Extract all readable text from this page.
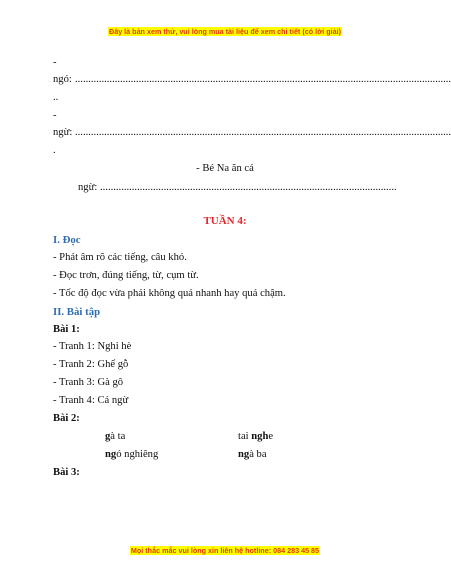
Đây là bản xem thử, vui lòng mua tài liệu để xem chi tiết (có lời giải)
-
ngó: ..............................................................................................................................................
..
-
ngừ: ..............................................................................................................................................
.
- Bé Na ăn cá
ngừ: ................................................................................................................
TUẦN 4:
I. Đọc
- Phát âm rõ các tiếng, câu khó.
- Đọc trơn, đúng tiếng, từ, cụm từ.
- Tốc độ đọc vừa phải không quá nhanh hay quá chậm.
II. Bài tập
Bài 1:
- Tranh 1: Nghỉ hè
- Tranh 2: Ghế gỗ
- Tranh 3: Gà gô
- Tranh 4: Cá ngừ
Bài 2:
gà ta	tai nghe
ngó nghiêng	ngà ba
Bài 3:
Mọi thắc mắc vui lòng xin liên hệ hotline: 084 283 45 85
